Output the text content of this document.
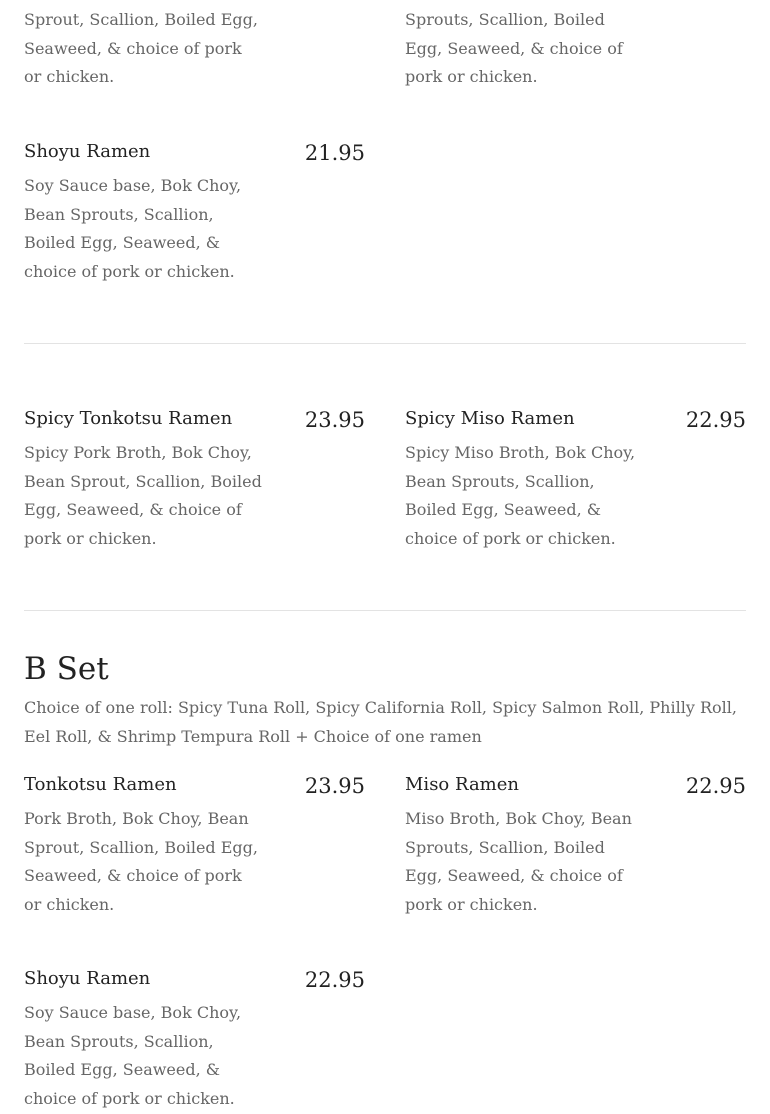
Sprout, Scallion, Boiled Egg, Seaweed, & choice of pork or chicken.
Sprouts, Scallion, Boiled Egg, Seaweed, & choice of pork or chicken.
Shoyu Ramen	21.95
Soy Sauce base, Bok Choy, Bean Sprouts, Scallion, Boiled Egg, Seaweed, & choice of pork or chicken.
Spicy Tonkotsu Ramen	23.95
Spicy Pork Broth, Bok Choy, Bean Sprout, Scallion, Boiled Egg, Seaweed, & choice of pork or chicken.
Spicy Miso Ramen	22.95
Spicy Miso Broth, Bok Choy, Bean Sprouts, Scallion, Boiled Egg, Seaweed, & choice of pork or chicken.
B Set
Choice of one roll: Spicy Tuna Roll, Spicy California Roll, Spicy Salmon Roll, Philly Roll, Eel Roll, & Shrimp Tempura Roll + Choice of one ramen
Tonkotsu Ramen	23.95
Pork Broth, Bok Choy, Bean Sprout, Scallion, Boiled Egg, Seaweed, & choice of pork or chicken.
Miso Ramen	22.95
Miso Broth, Bok Choy, Bean Sprouts, Scallion, Boiled Egg, Seaweed, & choice of pork or chicken.
Shoyu Ramen	22.95
Soy Sauce base, Bok Choy, Bean Sprouts, Scallion, Boiled Egg, Seaweed, & choice of pork or chicken.
